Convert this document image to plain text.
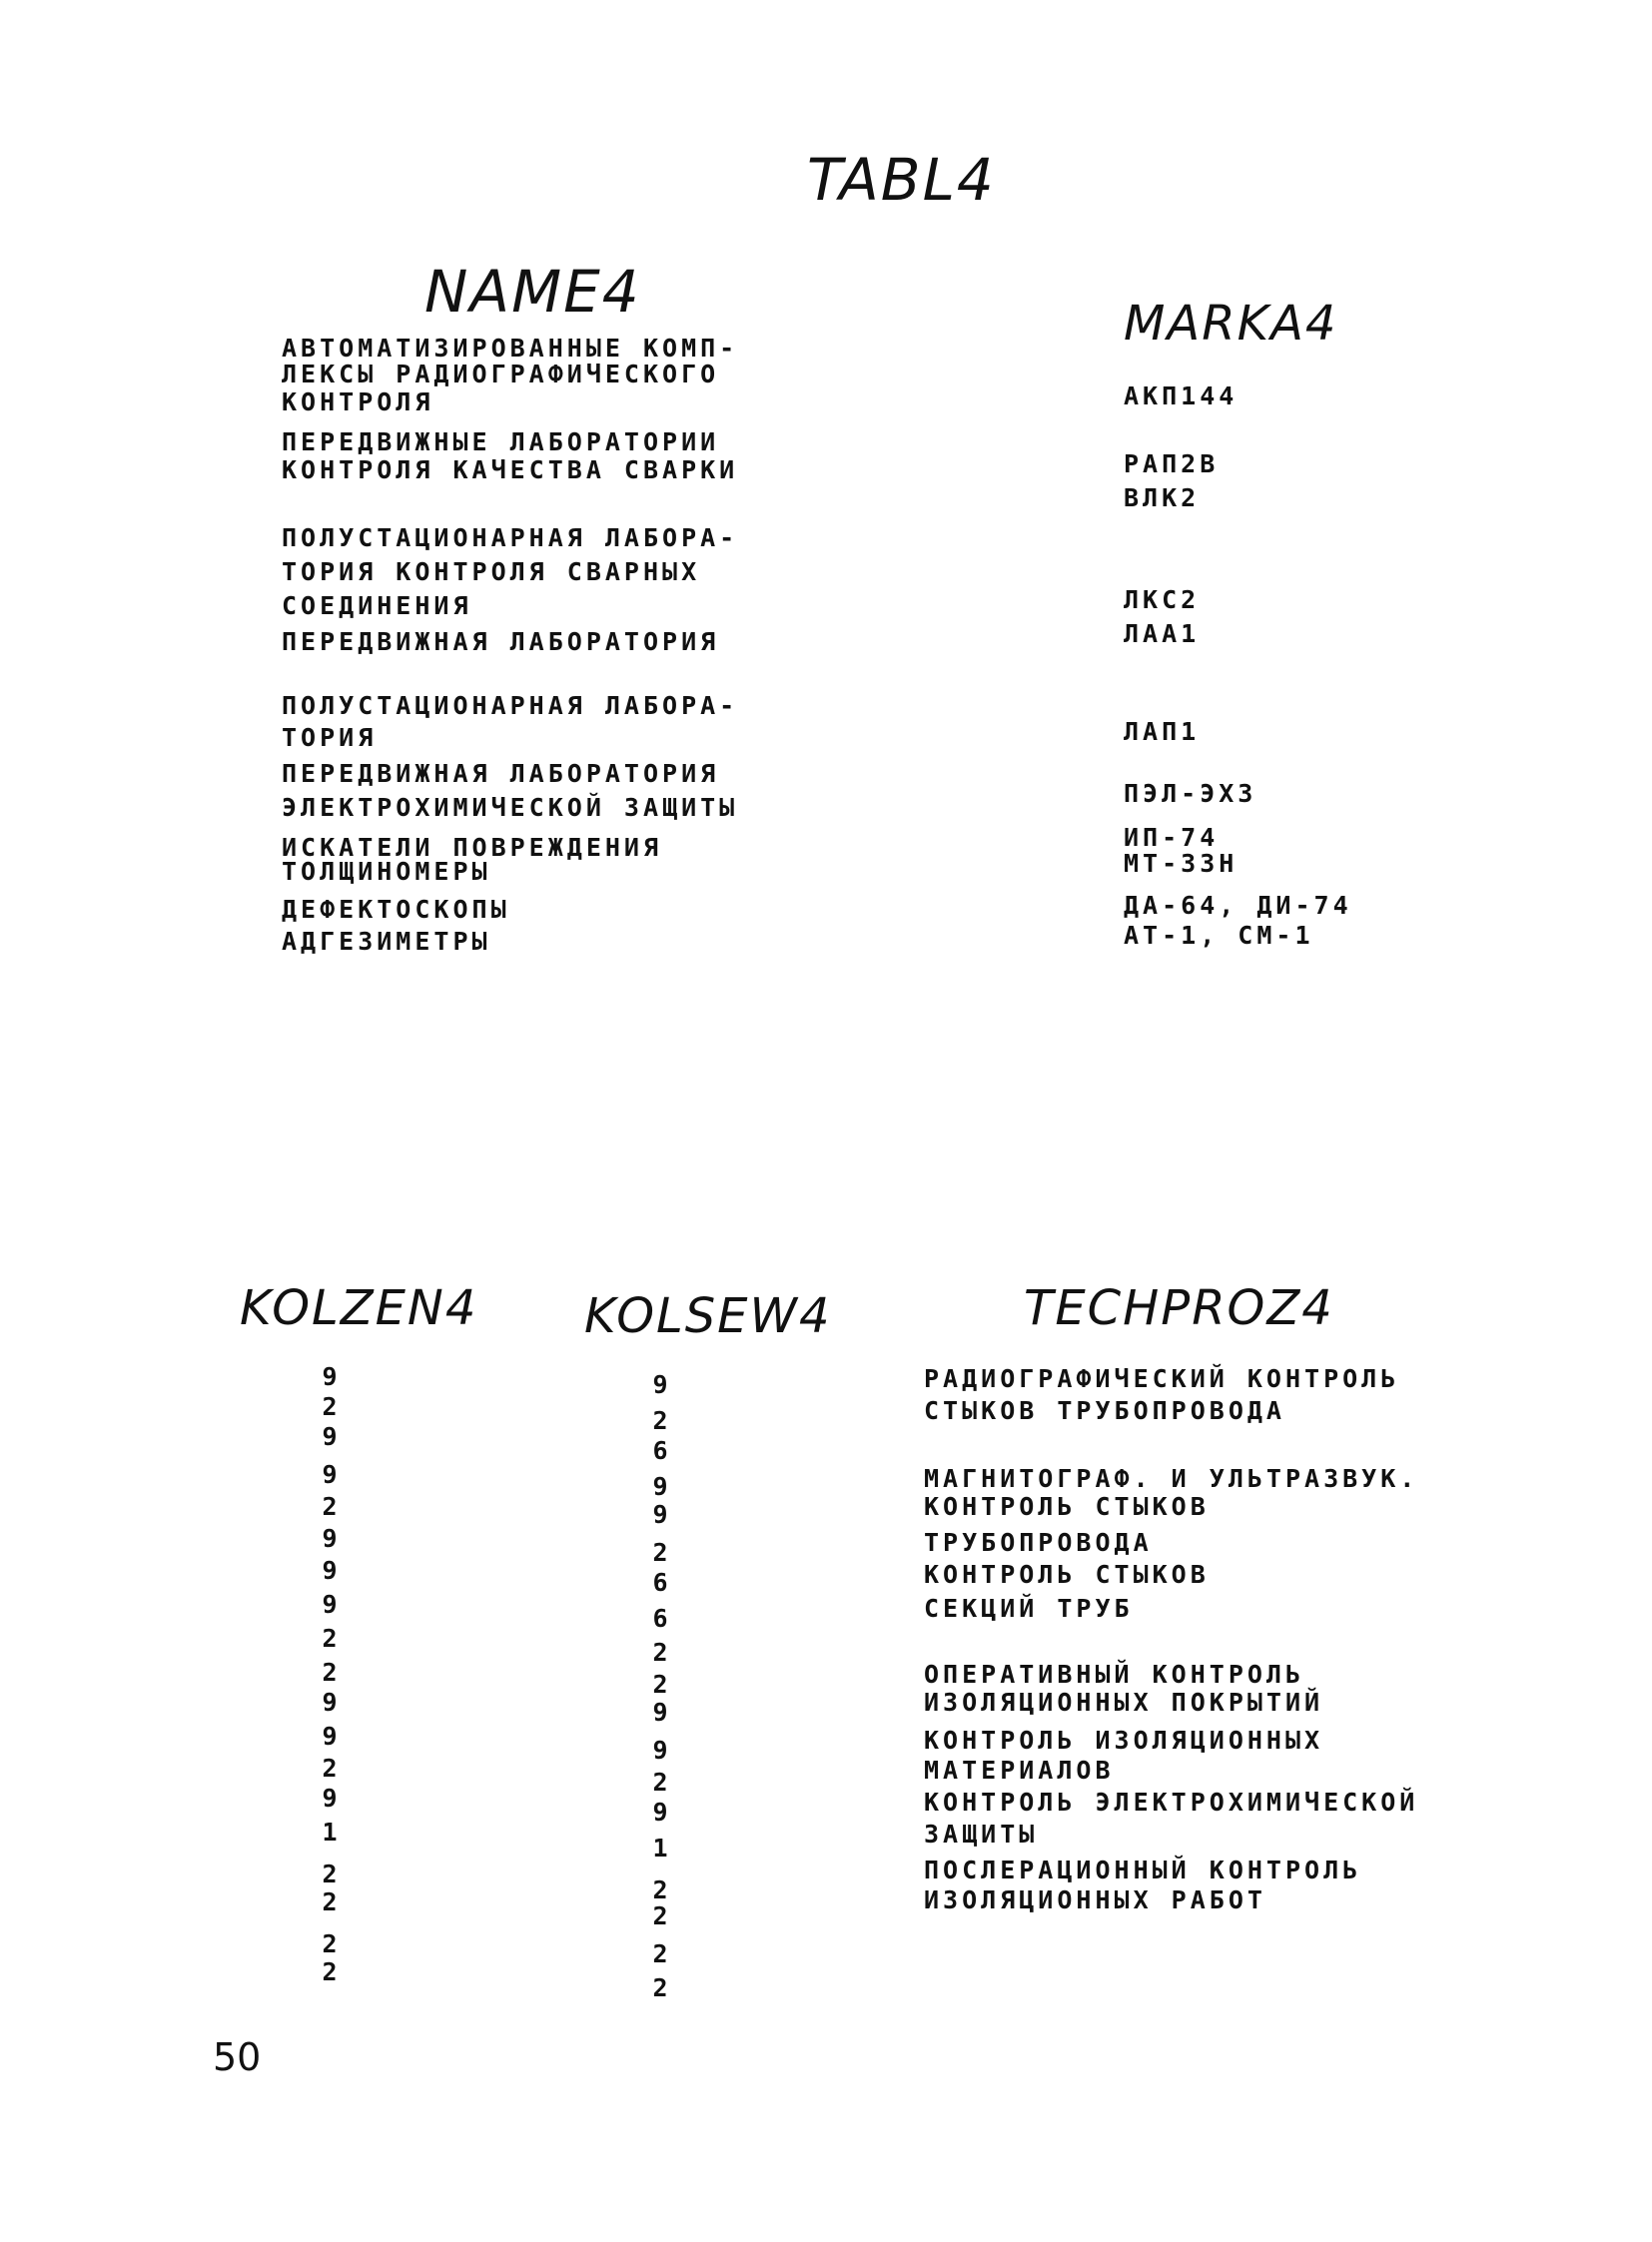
TABL4
NAME4	MARKA4
KOLZEN4 KOLSEW4	TECHPROZ4
АВТОМАТИЗИРОВАННЫЕ КОМП-
ЛЕКСЫ РАДИОГРАФИЧЕСКОГО
КОНТРОЛЯ
ПЕРЕДВИЖНЫЕ ЛАБОРАТОРИИ
КОНТРОЛЯ КАЧЕСТВА СВАРКИ
ПОЛУСТАЦИОНАРНАЯ ЛАБОРА-
ТОРИЯ КОНТРОЛЯ СВАРНЫХ
СОЕДИНЕНИЯ
ПЕРЕДВИЖНАЯ ЛАБОРАТОРИЯ
ПОЛУСТАЦИОНАРНАЯ ЛАБОРА-
ТОРИЯ
ПЕРЕДВИЖНАЯ ЛАБОРАТОРИЯ
ЭЛЕКТРОХИМИЧЕСКОЙ ЗАЩИТЫ
ИСКАТЕЛИ ПОВРЕЖДЕНИЯ
ТОЛЩИНОМЕРЫ
ДЕФЕКТОСКОПЫ
АДГЕЗИМЕТРЫ
АКП144
РАП2В
ВЛК2
ЛКС2
ЛАА1
ЛАП1
ПЭЛ-ЭХЗ
ИП-74
МТ-33Н
ДА-64, ДИ-74
АТ-1, СМ-1
9
2
9
9
2
9
9
9
2
2
9
9
2
9
1
2
2
2
2
9
2
6
9
9
2
6
6
2
2
9
9
2
9
1
2
2
2
2
РАДИОГРАФИЧЕСКИЙ КОНТРОЛЬ
СТЫКОВ ТРУБОПРОВОДА
МАГНИТОГРАФ. И УЛЬТРАЗВУК.
КОНТРОЛЬ СТЫКОВ
ТРУБОПРОВОДА
КОНТРОЛЬ СТЫКОВ
СЕКЦИЙ ТРУБ
ОПЕРАТИВНЫЙ КОНТРОЛЬ
ИЗОЛЯЦИОННЫХ ПОКРЫТИЙ
КОНТРОЛЬ ИЗОЛЯЦИОННЫХ
МАТЕРИАЛОВ
КОНТРОЛЬ ЭЛЕКТРОХИМИЧЕСКОЙ
ЗАЩИТЫ
ПОСЛЕРАЦИОННЫЙ КОНТРОЛЬ
ИЗОЛЯЦИОННЫХ РАБОТ

50
